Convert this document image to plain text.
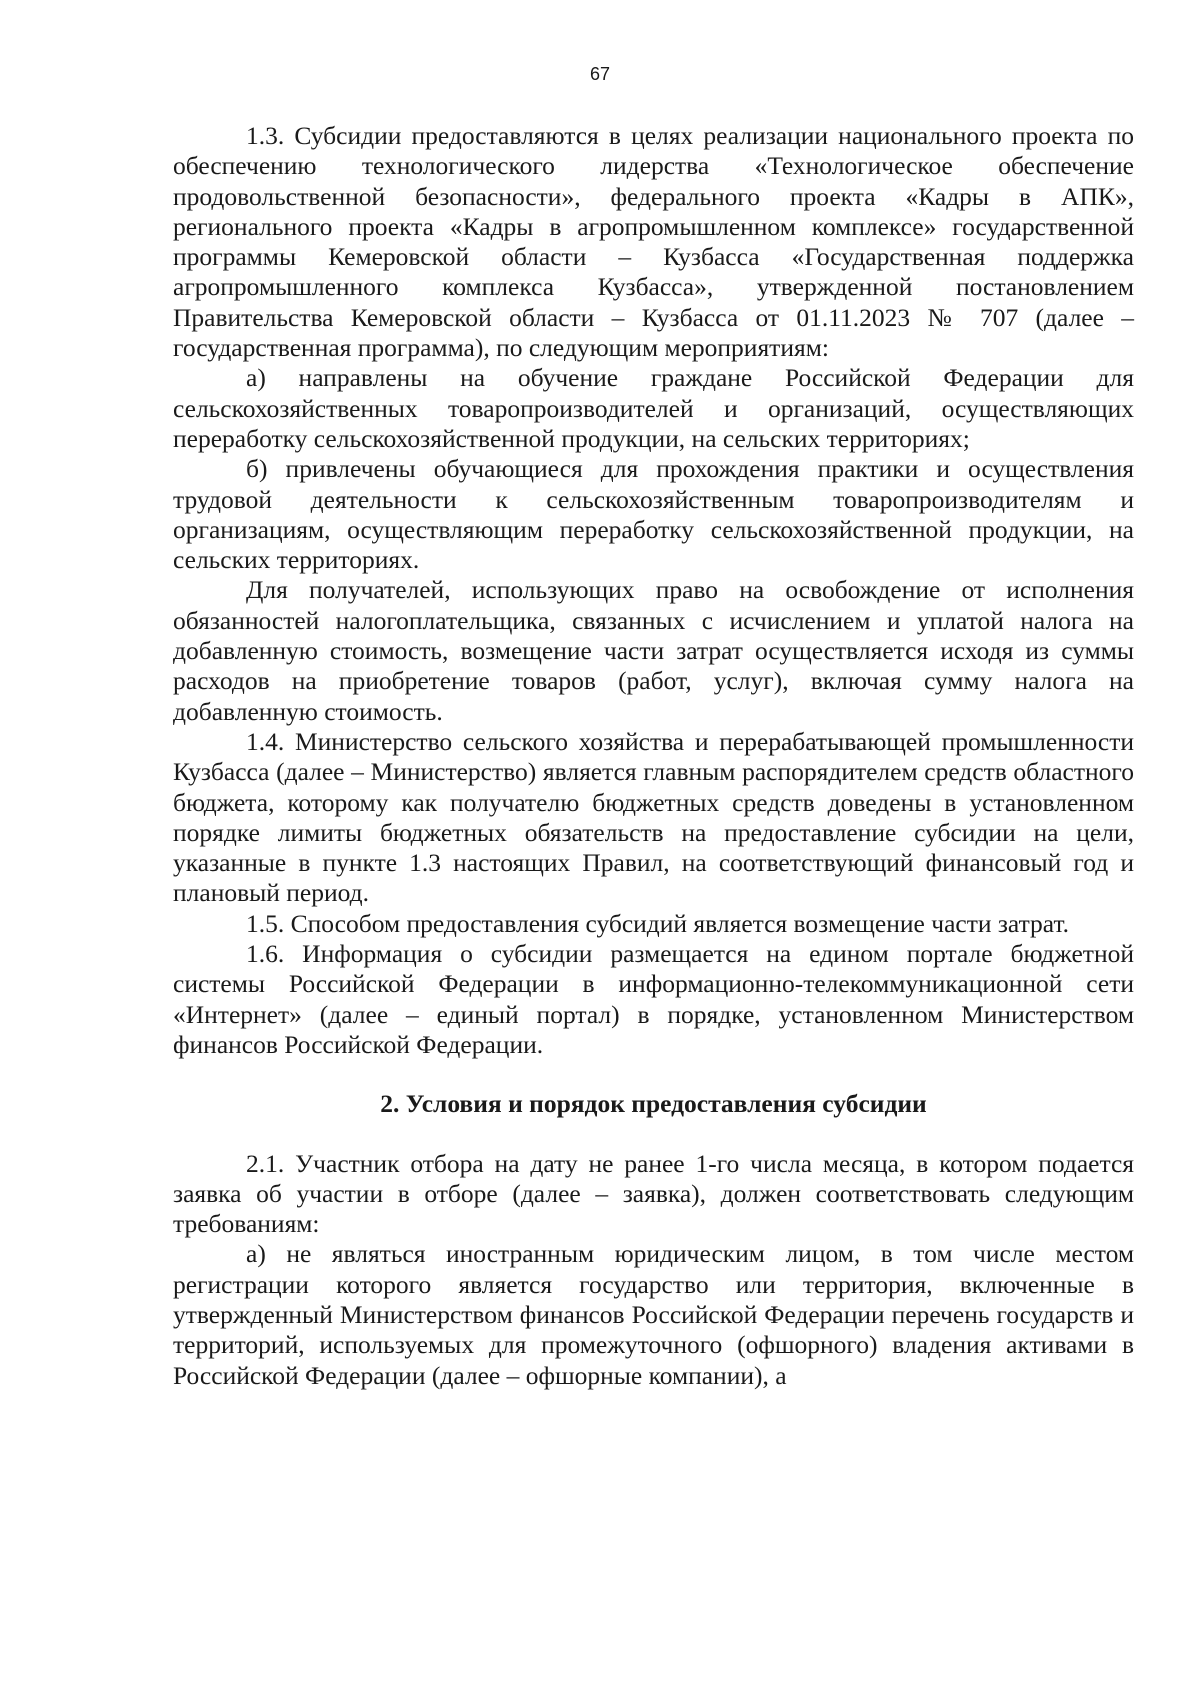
67

1.3. Субсидии предоставляются в целях реализации национального проекта по обеспечению технологического лидерства «Технологическое обеспечение продовольственной безопасности», федерального проекта «Кадры в АПК», регионального проекта «Кадры в агропромышленном комплексе» государственной программы Кемеровской области – Кузбасса «Государственная поддержка агропромышленного комплекса Кузбасса», утвержденной постановлением Правительства Кемеровской области – Кузбасса от 01.11.2023 № 707 (далее – государственная программа), по следующим мероприятиям:

а) направлены на обучение граждане Российской Федерации для сельскохозяйственных товаропроизводителей и организаций, осуществляющих переработку сельскохозяйственной продукции, на сельских территориях;

б) привлечены обучающиеся для прохождения практики и осуществления трудовой деятельности к сельскохозяйственным товаропроизводителям и организациям, осуществляющим переработку сельскохозяйственной продукции, на сельских территориях.

Для получателей, использующих право на освобождение от исполнения обязанностей налогоплательщика, связанных с исчислением и уплатой налога на добавленную стоимость, возмещение части затрат осуществляется исходя из суммы расходов на приобретение товаров (работ, услуг), включая сумму налога на добавленную стоимость.

1.4. Министерство сельского хозяйства и перерабатывающей промышленности Кузбасса (далее – Министерство) является главным распорядителем средств областного бюджета, которому как получателю бюджетных средств доведены в установленном порядке лимиты бюджетных обязательств на предоставление субсидии на цели, указанные в пункте 1.3 настоящих Правил, на соответствующий финансовый год и плановый период.

1.5. Способом предоставления субсидий является возмещение части затрат.

1.6. Информация о субсидии размещается на едином портале бюджетной системы Российской Федерации в информационно-телекоммуникационной сети «Интернет» (далее – единый портал) в порядке, установленном Министерством финансов Российской Федерации.

2. Условия и порядок предоставления субсидии

2.1. Участник отбора на дату не ранее 1-го числа месяца, в котором подается заявка об участии в отборе (далее – заявка), должен соответствовать следующим требованиям:

а) не являться иностранным юридическим лицом, в том числе местом регистрации которого является государство или территория, включенные в утвержденный Министерством финансов Российской Федерации перечень государств и территорий, используемых для промежуточного (офшорного) владения активами в Российской Федерации (далее – офшорные компании), а
